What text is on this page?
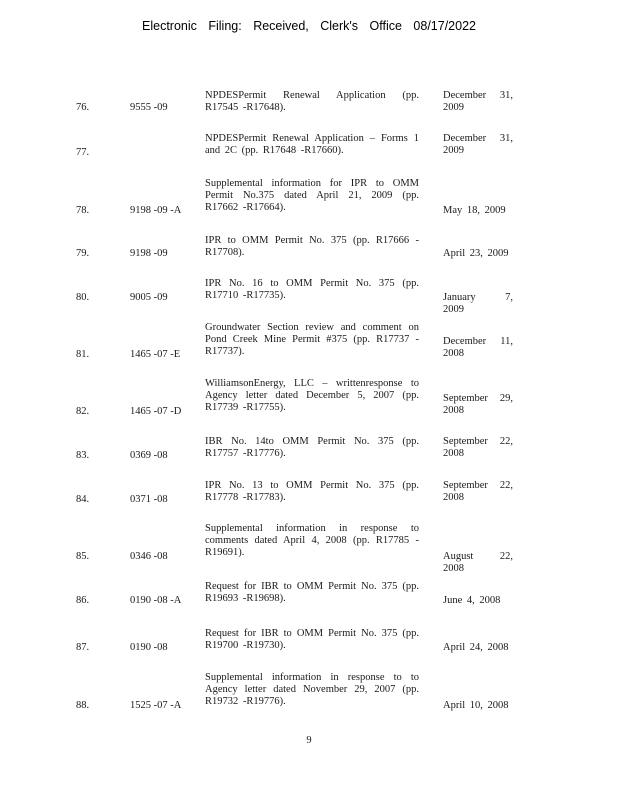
Electronic Filing: Received, Clerk's Office 08/17/2022
76.	9555 -09
NPDESPermit Renewal Application (pp. R17545 -R17648).
December 31, 2009
77.
NPDESPermit Renewal Application – Forms 1 and 2C (pp. R17648 -R17660).
December 31, 2009
78.	9198 -09 -A
Supplemental information for IPR to OMM Permit No.375 dated April 21, 2009 (pp. R17662 -R17664).	May 18, 2009
79.	9198 -09
IPR to OMM Permit No. 375 (pp. R17666 - R17708).	April 23, 2009
80.	9005 -09
IPR No. 16 to OMM Permit No. 375 (pp. R17710 -R17735).	January 7, 2009
81.	1465 -07 -E
Groundwater Section review and comment on Pond Creek Mine Permit #375 (pp. R17737 -R17737).
December 11, 2008
82.	1465 -07 -D
WilliamsonEnergy, LLC – writtenresponse to Agency letter dated December 5, 2007 (pp. R17739 -R17755).
September 29, 2008
83.	0369 -08
IBR No. 14to OMM Permit No. 375 (pp. R17757 -R17776).
September 22, 2008
84.	0371 -08
IPR No. 13 to OMM Permit No. 375 (pp. R17778 -R17783).
September 22, 2008
85.	0346 -08
Supplemental information in response to comments dated April 4, 2008 (pp. R17785 - R19691).	August 22, 2008
86.	0190 -08 -A
Request for IBR to OMM Permit No. 375 (pp. R19693 -R19698).	June 4, 2008
87.	0190 -08
Request for IBR to OMM Permit No. 375 (pp. R19700 -R19730).	April 24, 2008
88.	1525 -07 -A
Supplemental information in response to to Agency letter dated November 29, 2007 (pp. R19732 -R19776).	April 10, 2008
9
